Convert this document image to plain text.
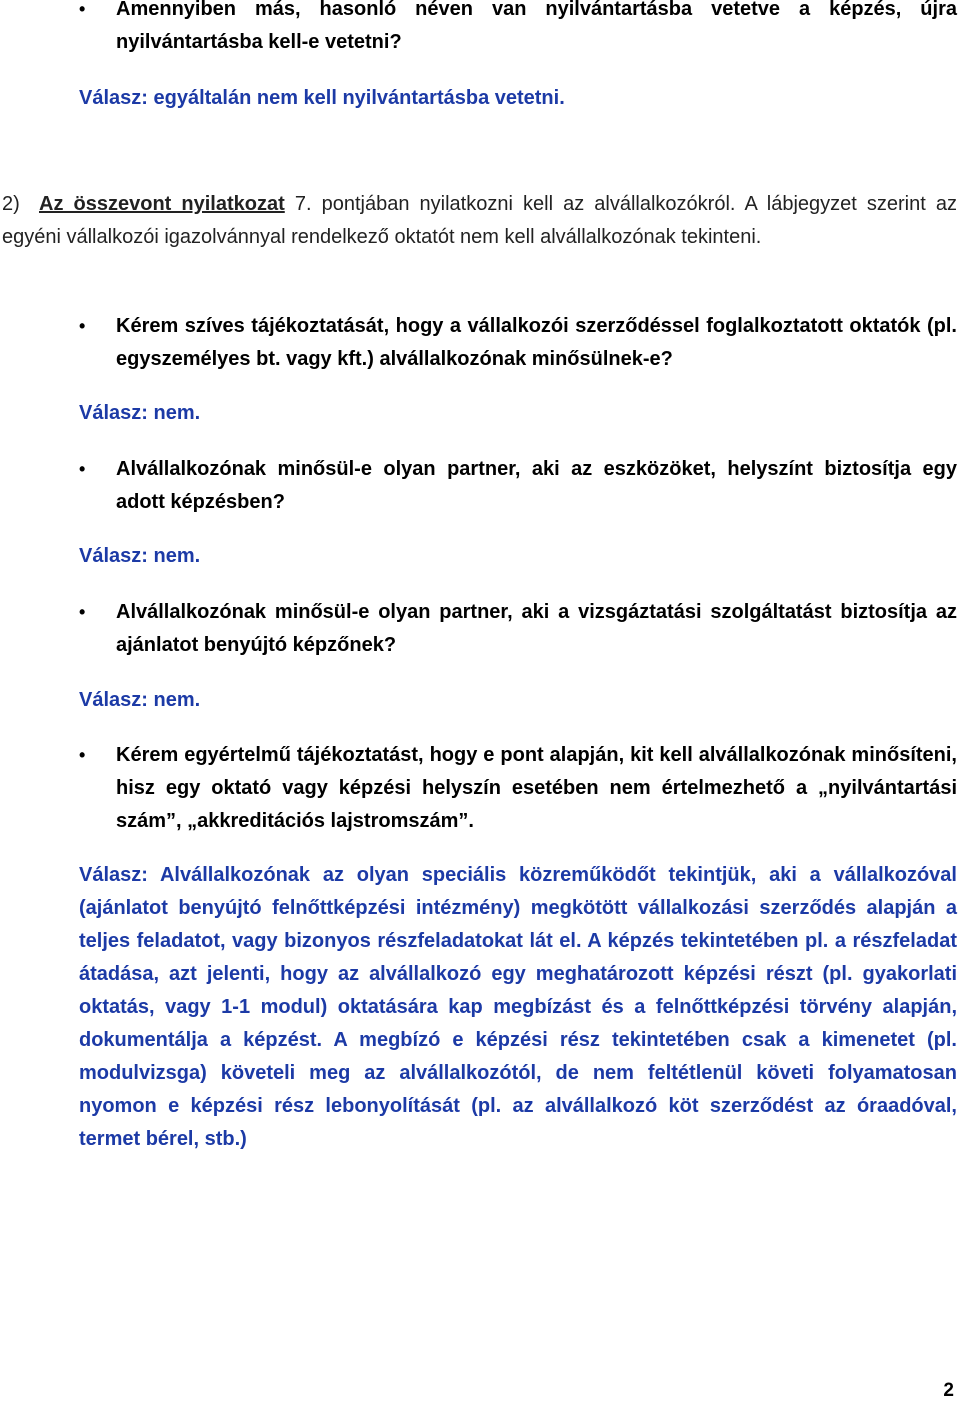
•	Amennyiben más, hasonló néven van nyilvántartásba vetetve a képzés, újra nyilvántartásba kell-e vetetni?
Válasz: egyáltalán nem kell nyilvántartásba vetetni.
2) Az összevont nyilatkozat 7. pontjában nyilatkozni kell az alvállalkozókról. A lábjegyzet szerint az egyéni vállalkozói igazolvánnyal rendelkező oktatót nem kell alvállalkozónak tekinteni.
•	Kérem szíves tájékoztatását, hogy a vállalkozói szerződéssel foglalkoztatott oktatók (pl. egyszemélyes bt. vagy kft.) alvállalkozónak minősülnek-e?
Válasz: nem.
•	Alvállalkozónak minősül-e olyan partner, aki az eszközöket, helyszínt biztosítja egy adott képzésben?
Válasz: nem.
•	Alvállalkozónak minősül-e olyan partner, aki a vizsgáztatási szolgáltatást biztosítja az ajánlatot benyújtó képzőnek?
Válasz: nem.
•	Kérem egyértelmű tájékoztatást, hogy e pont alapján, kit kell alvállalkozónak minősíteni, hisz egy oktató vagy képzési helyszín esetében nem értelmezhető a „nyilvántartási szám”, „akkreditációs lajstromszám”.
Válasz: Alvállalkozónak az olyan speciális közreműködőt tekintjük, aki a vállalkozóval (ajánlatot benyújtó felnőttképzési intézmény) megkötött vállalkozási szerződés alapján a teljes feladatot, vagy bizonyos részfeladatokat lát el. A képzés tekintetében pl. a részfeladat átadása, azt jelenti, hogy az alvállalkozó egy meghatározott képzési részt (pl. gyakorlati oktatás, vagy 1-1 modul) oktatására kap megbízást és a felnőttképzési törvény alapján, dokumentálja a képzést. A megbízó e képzési rész tekintetében csak a kimenetet (pl. modulvizsga) követeli meg az alvállalkozótól, de nem feltétlenül követi folyamatosan nyomon e képzési rész lebonyolítását (pl. az alvállalkozó köt szerződést az óraadóval, termet bérel, stb.)
2
